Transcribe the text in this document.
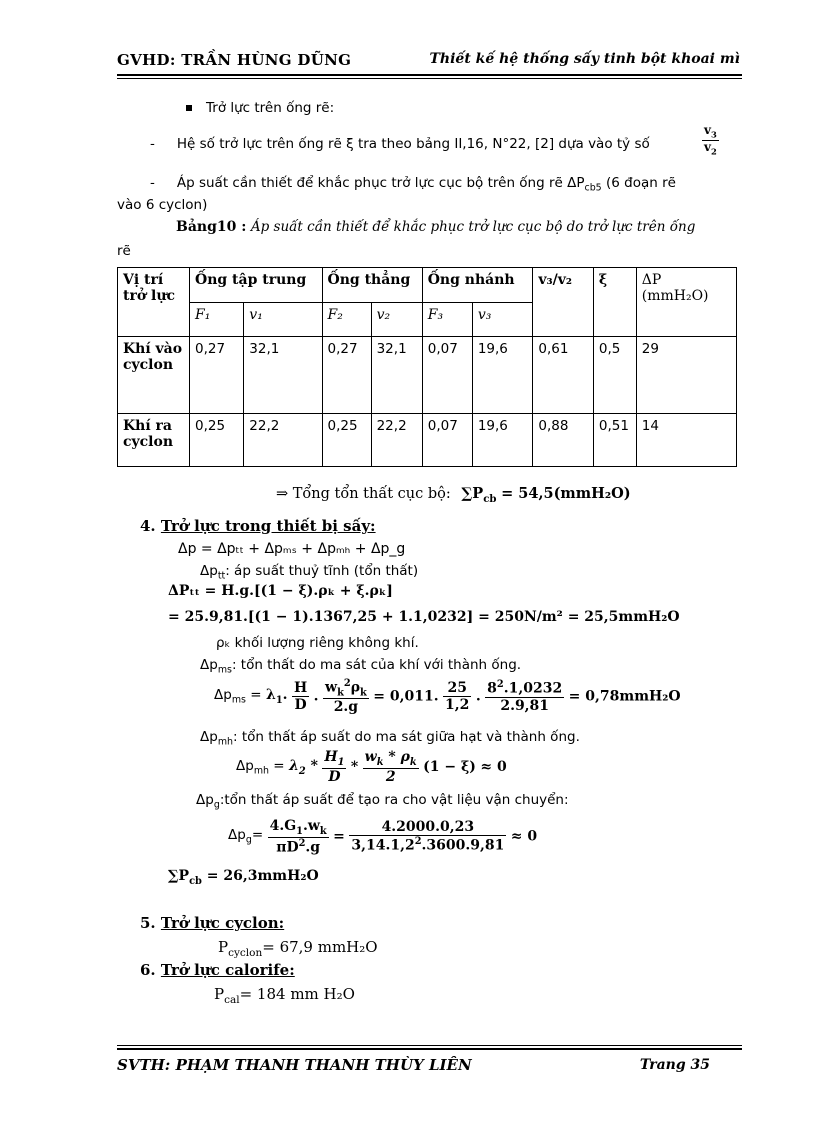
GVHD: TRẦN HÙNG DŨNG	Thiết kế hệ thống sấy tinh bột khoai mì
Trở lực trên ống rẽ:
- Hệ số trở lực trên ống rẽ ξ tra theo bảng II,16, N°22, [2] dựa vào tỷ số
$v_3$
$v_2$
- Áp suất cần thiết để khắc phục trở lực cục bộ trên ống rẽ $\Delta P_{cb5}$ (6 đoạn rẽ
vào 6 cyclon)
Bảng10 : Áp suất cần thiết để khắc phục trở lực cục bộ do trở lực trên ống
rẽ
Vị trí trở lực	Ống tập trung		Ống thẳng		Ống nhánh		v₃/v₂	ξ	ΔP (mmH₂O)
	F₁	v₁	F₂	v₂	F₃	v₃			
Khí vào cyclon	0,27	32,1	0,27	32,1	0,07	19,6	0,61	0,5	29
Khí ra cyclon	0,25	22,2	0,25	22,2	0,07	19,6	0,88	0,51	14
⇒ Tổng tổn thất cục bộ: $\sum P_{cb} = 54,5(mmH_2O)$
4. Trở lực trong thiết bị sấy:
Δp = Δpₜₜ + Δpₘₛ + Δpₘₕ + Δp_g
$\Delta p_{tt}$: áp suất thuỷ tĩnh (tổn thất)
ΔPₜₜ = H.g.[(1 − ξ).ρₖ + ξ.ρₖ]
= 25.9,81.[(1 − 1).1367,25 + 1.1,0232] = 250N/m² = 25,5mmH₂O
ρₖ khối lượng riêng không khí.
$\Delta p_{ms}$: tổn thất do ma sát của khí với thành ống.
$\Delta p_{ms} = \lambda_1$. $\frac{H}{D}$ . $\frac{w_k^2\rho_k}{2.g} = 0,011$. $\frac{25}{1,2}$ . $\frac{8^2.1,0232}{2.9,81} = 0,78mmH_2O$
$\Delta p_{mh}$: tổn thất áp suất do ma sát giữa hạt và thành ống.
$\Delta p_{mh} = \lambda_2 * \frac{H_1}{D} * \frac{w_k * \rho_k}{2} (1 - \xi) \approx 0$
$\Delta p_g:tổn$ thất áp suất để tạo ra cho vật liệu vận chuyển:
$\Delta p_g= \frac{4.G_1.w_k}{\pi D^2.g} = \frac{4.2000.0,23}{3,14.1,2^2.3600.9,81} \approx 0$
$\sum P_{cb} = 26,3mmH_2O$
5. Trở lực cyclon:
$P_{cyclon}= 67,9$ mmH₂O
6. Trở lực calorife:
$P_{cal}= 184$ mm H₂O
SVTH: PHẠM THANH THANH THÙY LIÊN	Trang 35
